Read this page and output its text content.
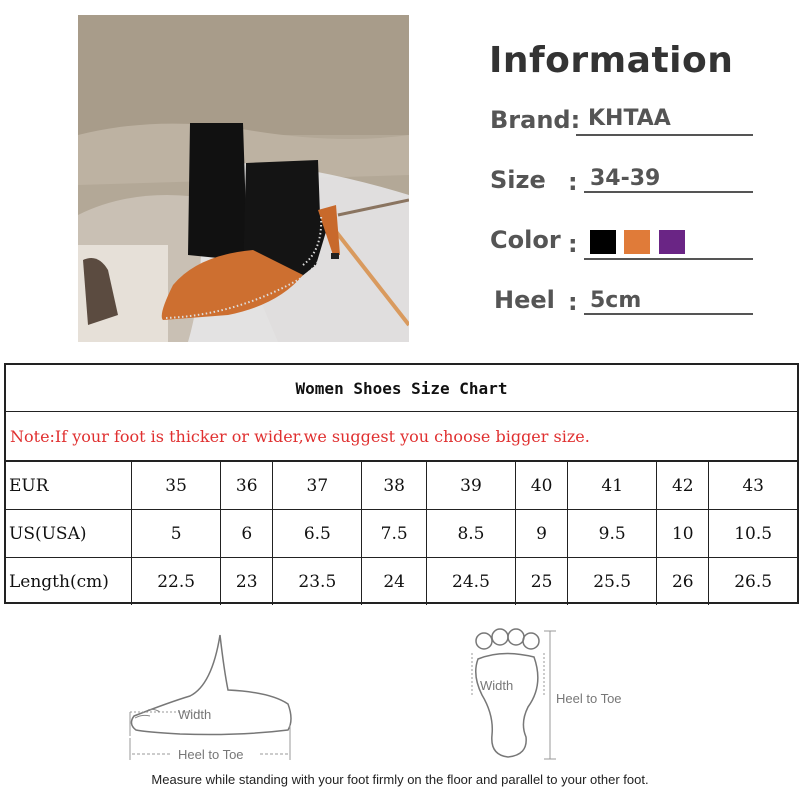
Information
Brand: KHTAA
Size : 34-39
Color :
Heel : 5cm
Women Shoes Size Chart
Note:If your foot is thicker or wider,we suggest you choose bigger size.
EUR	35	36	37	38	39	40	41	42	43
US(USA)	5	6	6.5	7.5	8.5	9	9.5	10	10.5
Length(cm)	22.5	23	23.5	24	24.5	25	25.5	26	26.5
Width
Heel to Toe
Width
Heel to Toe
Measure while standing with your foot firmly on the floor and parallel to your other foot.
